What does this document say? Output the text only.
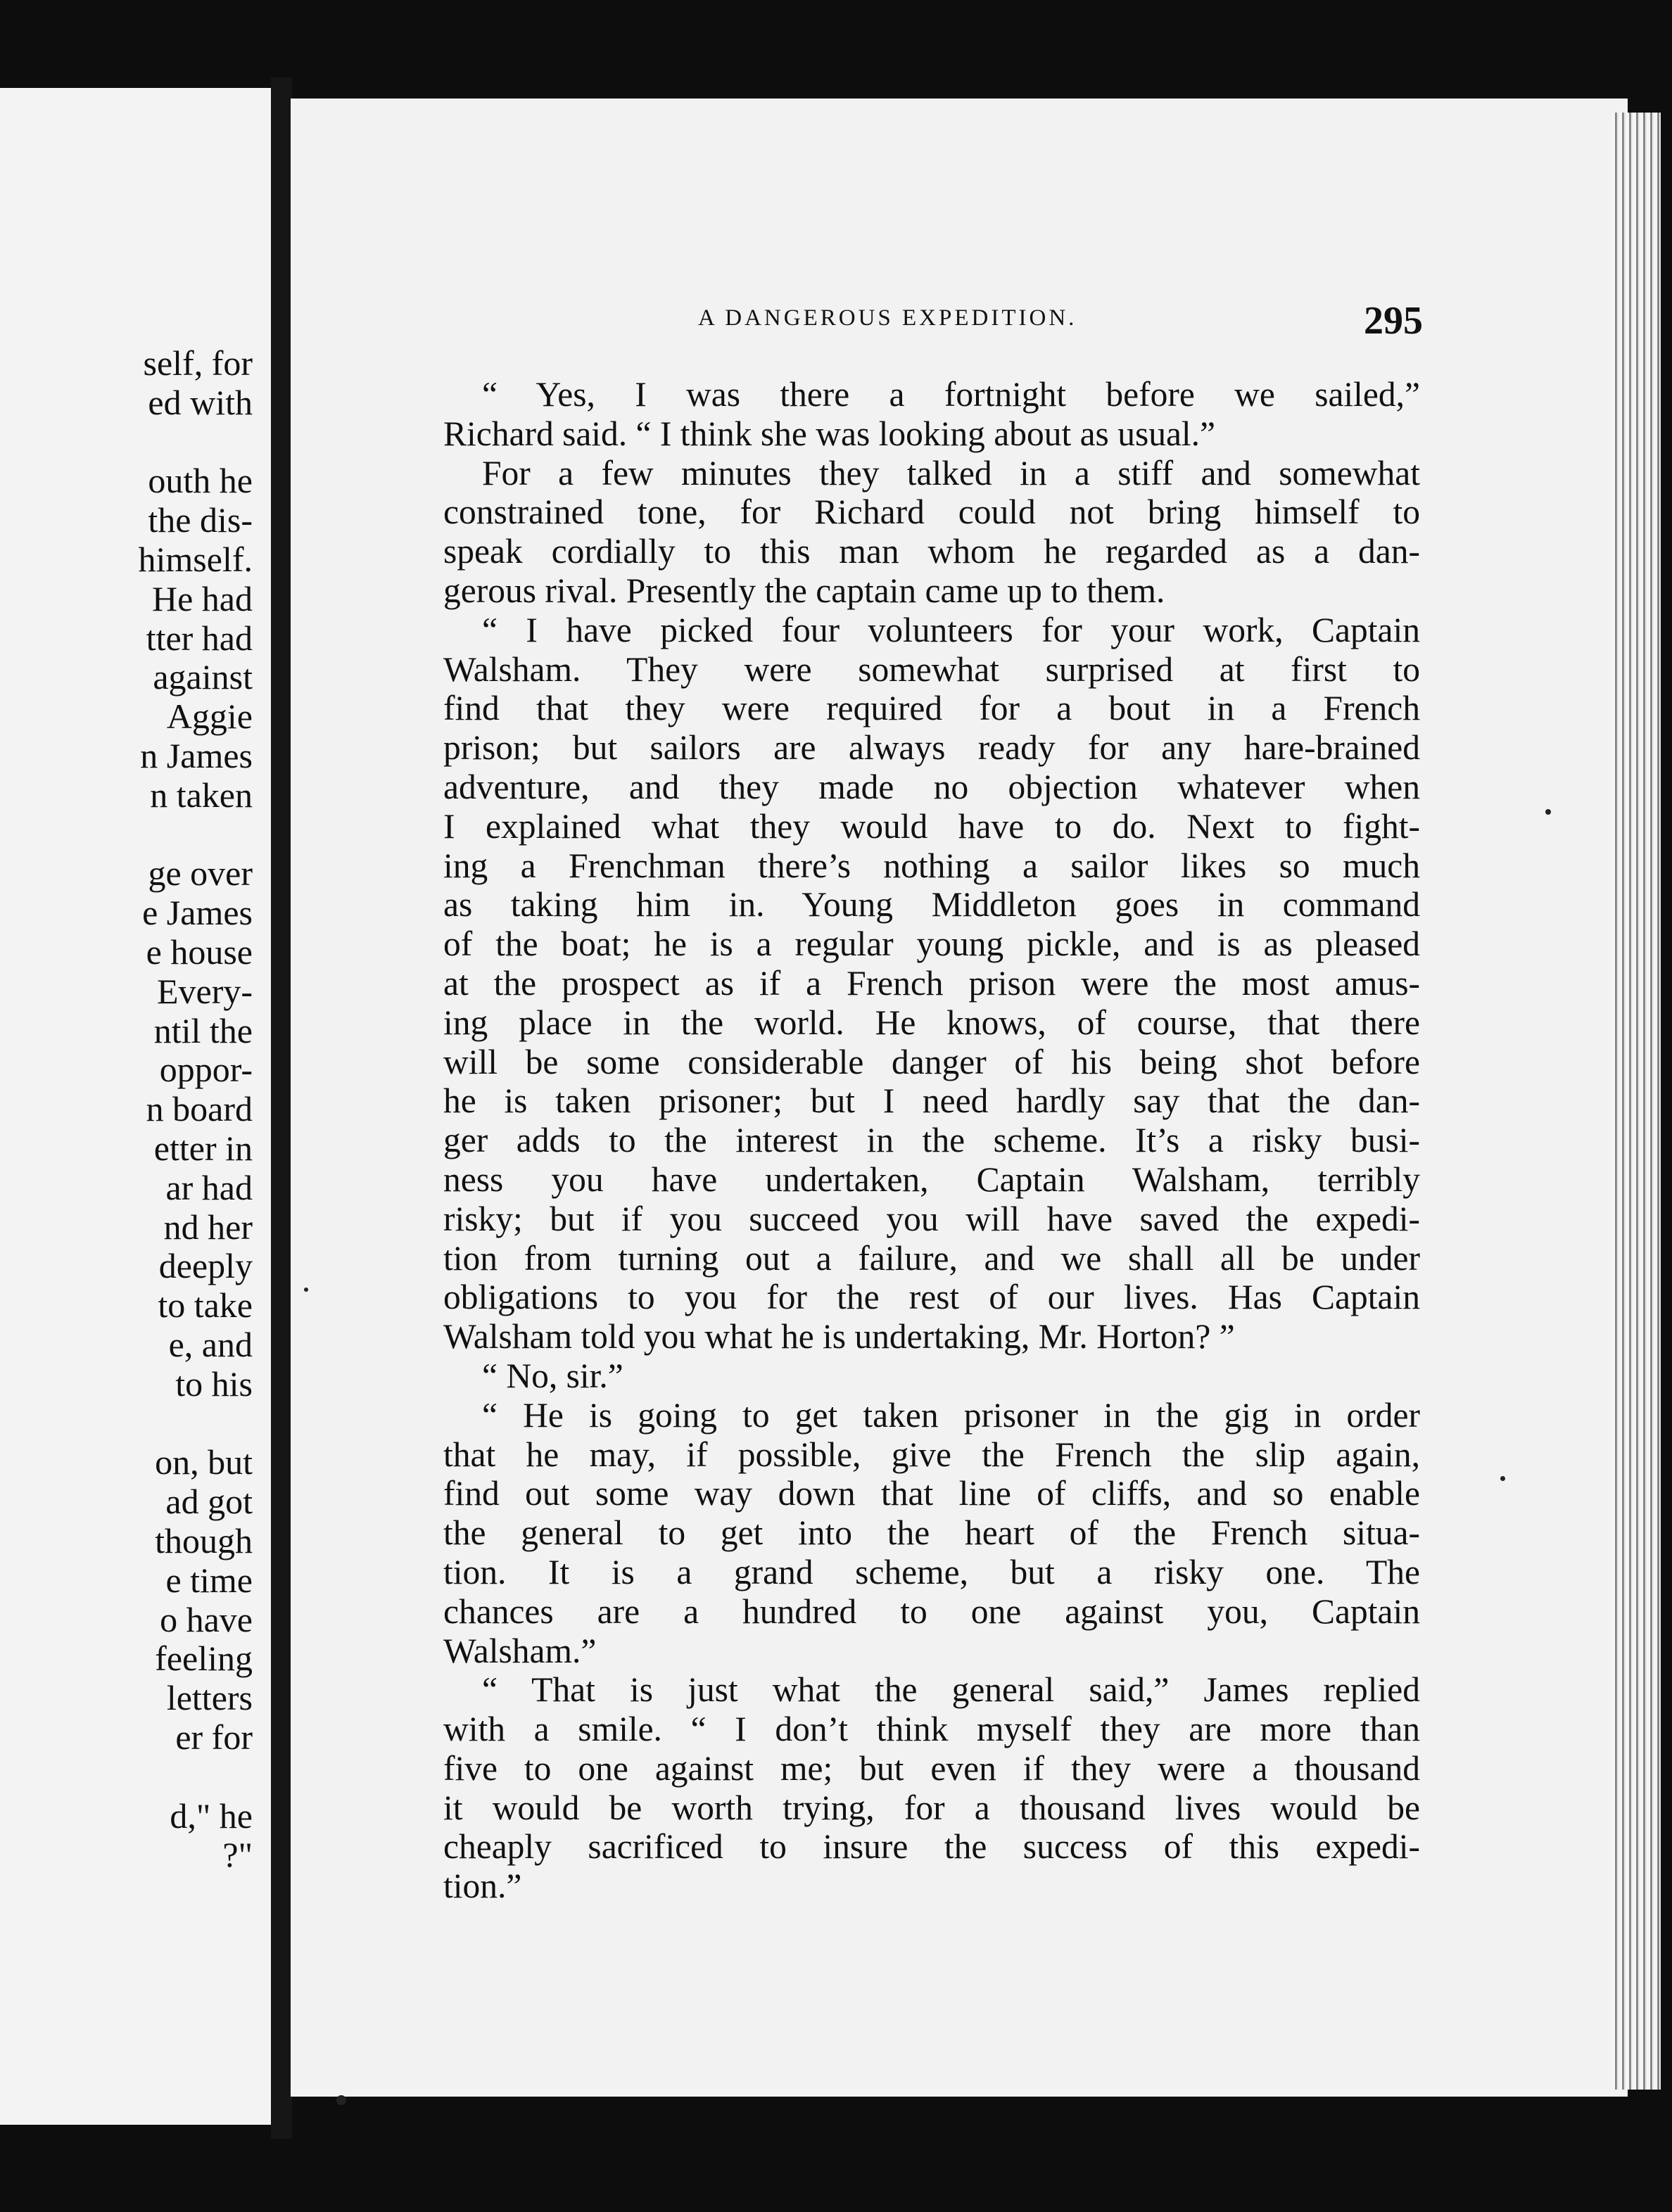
self, for
ed with
outh he
the dis-
himself.
He had
tter had
against
Aggie
n James
n taken
ge over
e James
e house
Every-
ntil the
oppor-
n board
etter in
ar had
nd her
deeply
to take
e, and
to his
on, but
ad got
though
e time
o have
feeling
letters
er for
d," he
?"
A DANGEROUS EXPEDITION.	295
“ Yes, I was there a fortnight before we sailed,”
Richard said. “ I think she was looking about as usual.”
For a few minutes they talked in a stiff and somewhat
constrained tone, for Richard could not bring himself to
speak cordially to this man whom he regarded as a dan-
gerous rival. Presently the captain came up to them.
“ I have picked four volunteers for your work, Captain
Walsham. They were somewhat surprised at first to
find that they were required for a bout in a French
prison; but sailors are always ready for any hare-brained
adventure, and they made no objection whatever when
I explained what they would have to do. Next to fight-
ing a Frenchman there’s nothing a sailor likes so much
as taking him in. Young Middleton goes in command
of the boat; he is a regular young pickle, and is as pleased
at the prospect as if a French prison were the most amus-
ing place in the world. He knows, of course, that there
will be some considerable danger of his being shot before
he is taken prisoner; but I need hardly say that the dan-
ger adds to the interest in the scheme. It’s a risky busi-
ness you have undertaken, Captain Walsham, terribly
risky; but if you succeed you will have saved the expedi-
tion from turning out a failure, and we shall all be under
obligations to you for the rest of our lives. Has Captain
Walsham told you what he is undertaking, Mr. Horton? ”
“ No, sir.”
“ He is going to get taken prisoner in the gig in order
that he may, if possible, give the French the slip again,
find out some way down that line of cliffs, and so enable
the general to get into the heart of the French situa-
tion. It is a grand scheme, but a risky one. The
chances are a hundred to one against you, Captain
Walsham.”
“ That is just what the general said,” James replied
with a smile. “ I don’t think myself they are more than
five to one against me; but even if they were a thousand
it would be worth trying, for a thousand lives would be
cheaply sacrificed to insure the success of this expedi-
tion.”
